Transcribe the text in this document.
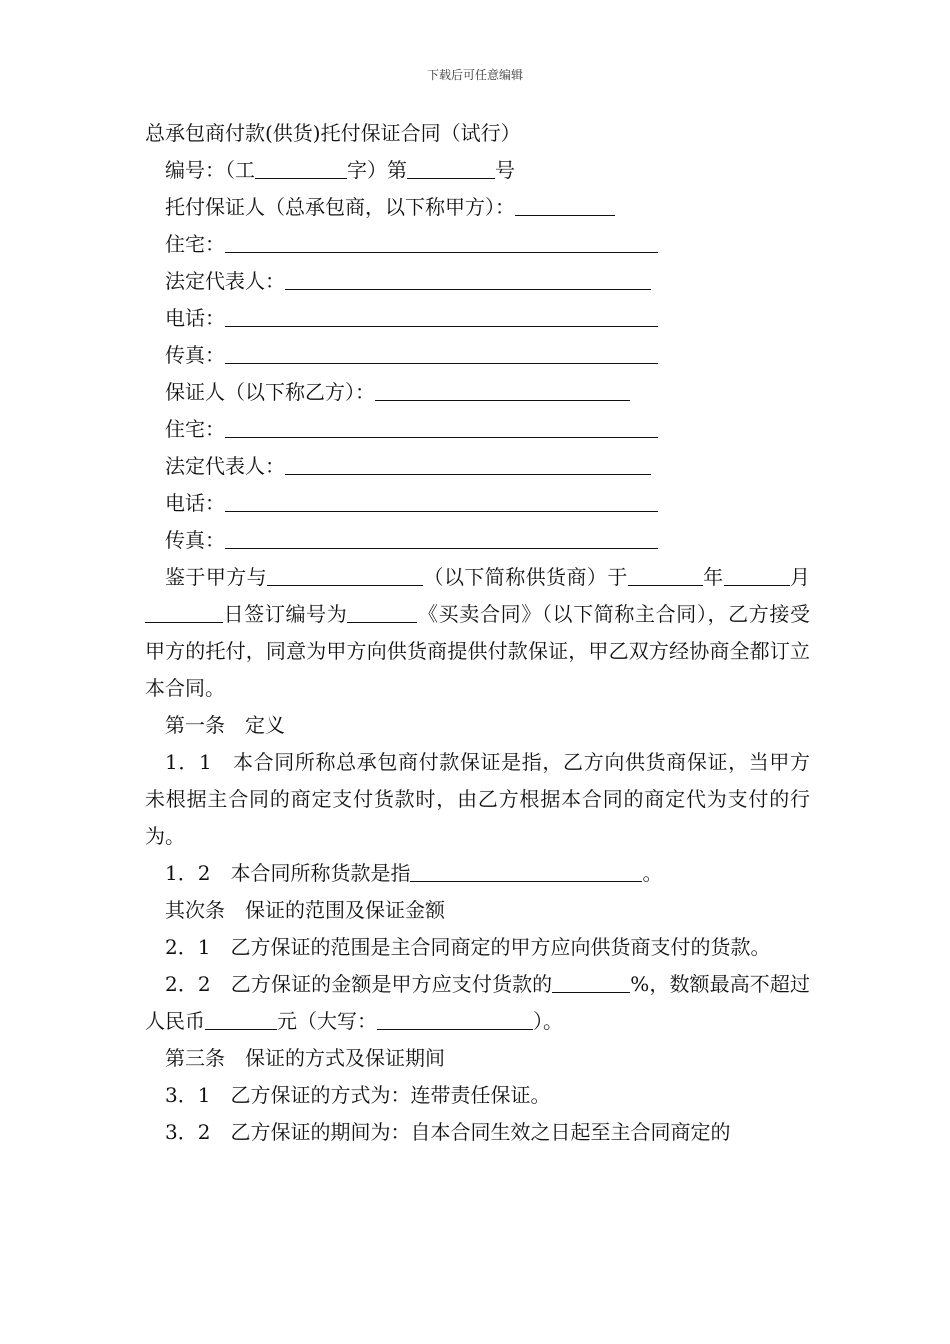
下载后可任意编辑

总承包商付款(供货)托付保证合同（试行）

编号：（工	字）第	号

托付保证人（总承包商，以下称甲方）：

住宅：

法定代表人：

电话：

传真：

保证人（以下称乙方）：

住宅：

法定代表人：

电话：

传真：

鉴于甲方与	（以下简称供货商）于	年	月日签订编号为	《买卖合同》（以下简称主合同），乙方接受甲方的托付，同意为甲方向供货商提供付款保证，甲乙双方经协商全都订立本合同。

第一条　定义

1．1　本合同所称总承包商付款保证是指，乙方向供货商保证，当甲方未根据主合同的商定支付货款时，由乙方根据本合同的商定代为支付的行为。

1．2　本合同所称货款是指	。

其次条　保证的范围及保证金额

2．1　乙方保证的范围是主合同商定的甲方应向供货商支付的货款。

2．2　乙方保证的金额是甲方应支付货款的	%，数额最高不超过人民币	元（大写：	）。

第三条　保证的方式及保证期间

3．1　乙方保证的方式为：连带责任保证。

3．2　乙方保证的期间为：自本合同生效之日起至主合同商定的
